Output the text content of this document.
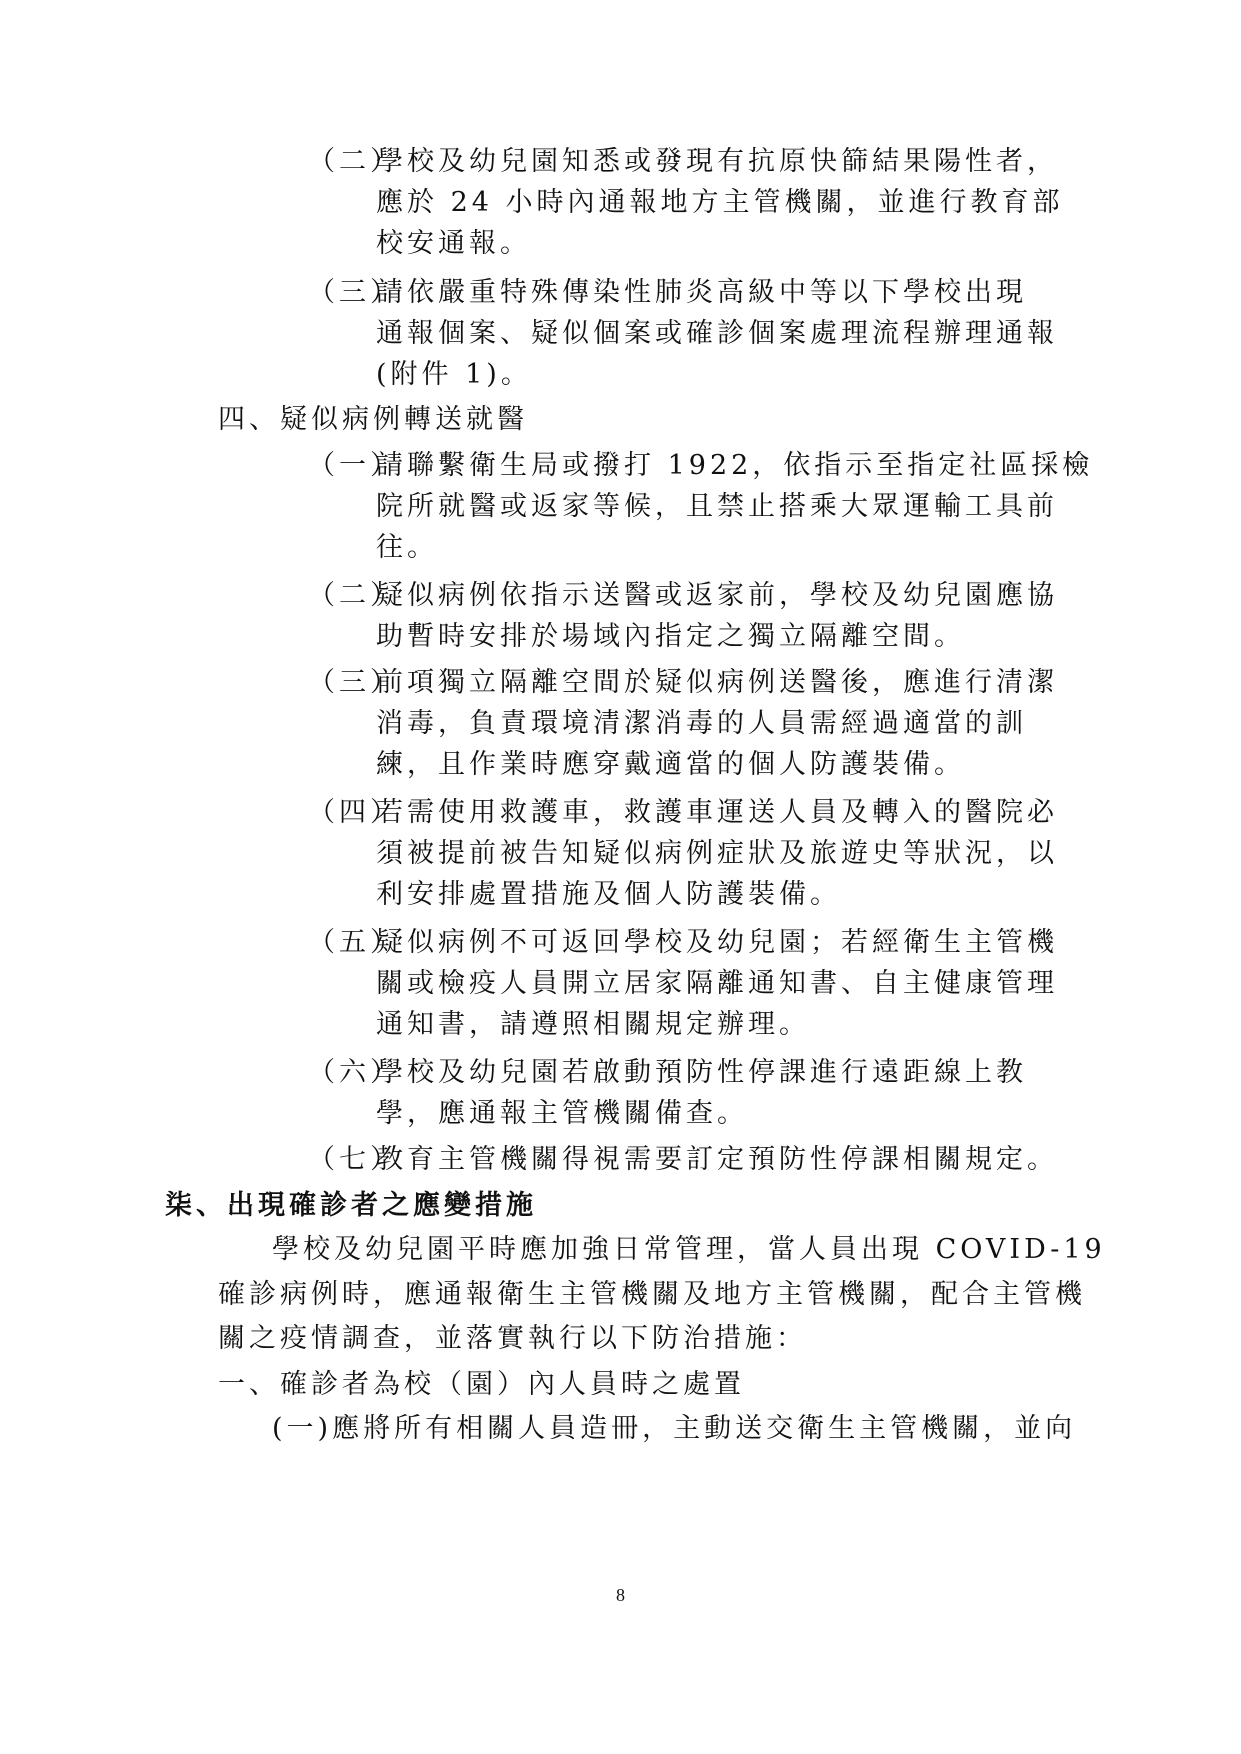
（二）
學校及幼兒園知悉或發現有抗原快篩結果陽性者，
應於 24 小時內通報地方主管機關，並進行教育部
校安通報。
（三）
請依嚴重特殊傳染性肺炎高級中等以下學校出現
通報個案、疑似個案或確診個案處理流程辦理通報
(附件 1)。
四、疑似病例轉送就醫
（一）
請聯繫衛生局或撥打 1922，依指示至指定社區採檢
院所就醫或返家等候，且禁止搭乘大眾運輸工具前
往。
（二）
疑似病例依指示送醫或返家前，學校及幼兒園應協
助暫時安排於場域內指定之獨立隔離空間。
（三）
前項獨立隔離空間於疑似病例送醫後，應進行清潔
消毒，負責環境清潔消毒的人員需經過適當的訓
練，且作業時應穿戴適當的個人防護裝備。
（四）
若需使用救護車，救護車運送人員及轉入的醫院必
須被提前被告知疑似病例症狀及旅遊史等狀況，以
利安排處置措施及個人防護裝備。
（五）
疑似病例不可返回學校及幼兒園；若經衛生主管機
關或檢疫人員開立居家隔離通知書、自主健康管理
通知書，請遵照相關規定辦理。
（六）
學校及幼兒園若啟動預防性停課進行遠距線上教
學，應通報主管機關備查。
（七）
教育主管機關得視需要訂定預防性停課相關規定。
柒、出現確診者之應變措施
學校及幼兒園平時應加強日常管理，當人員出現 COVID-19
確診病例時，應通報衛生主管機關及地方主管機關，配合主管機
關之疫情調查，並落實執行以下防治措施：
一、確診者為校（園）內人員時之處置
(一)應將所有相關人員造冊，主動送交衛生主管機關，並向
8
